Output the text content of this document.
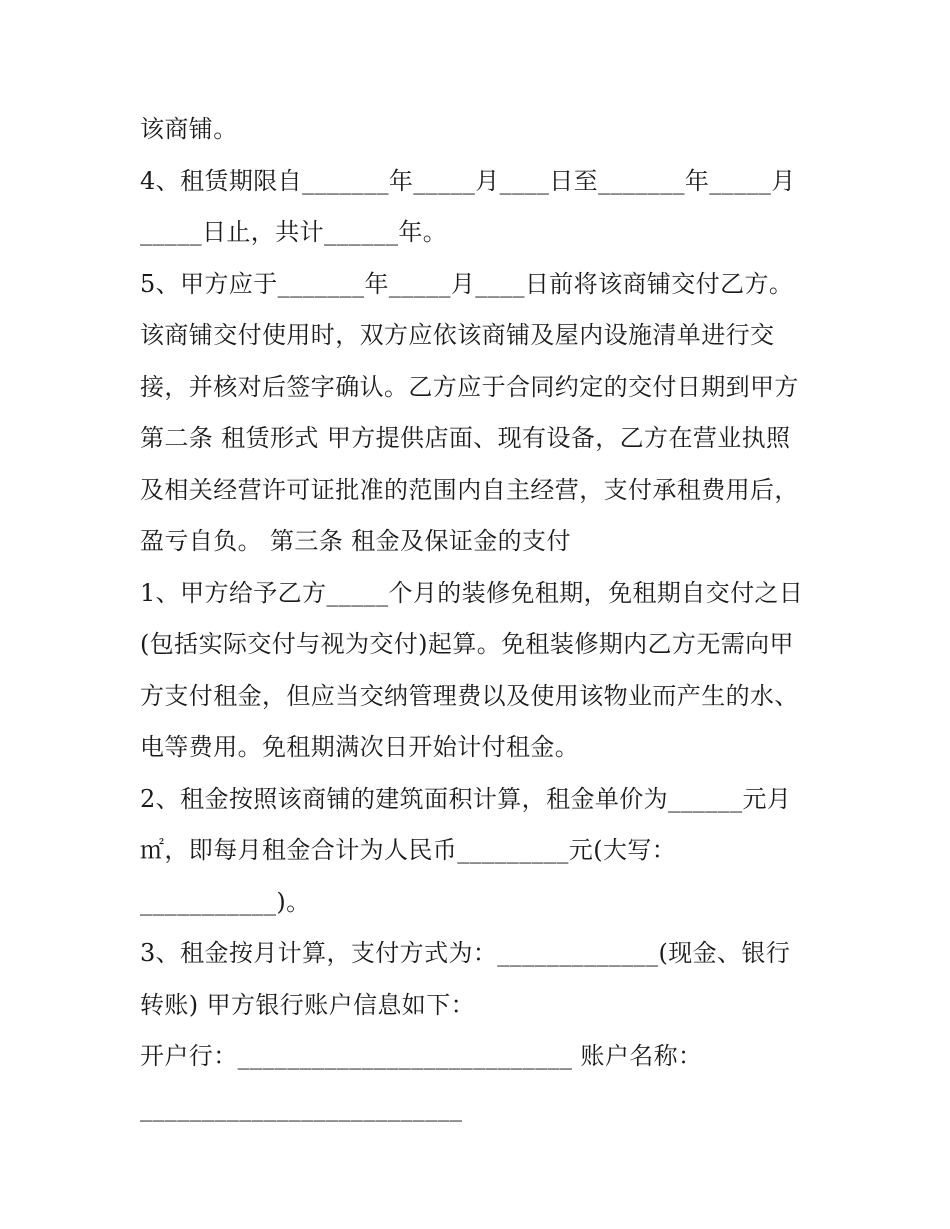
该商铺。
4、租赁期限自_______年_____月____日至_______年_____月
_____日止，共计______年。
5、甲方应于_______年_____月____日前将该商铺交付乙方。
该商铺交付使用时，双方应依该商铺及屋内设施清单进行交
接，并核对后签字确认。乙方应于合同约定的交付日期到甲方
第二条 租赁形式 甲方提供店面、现有设备，乙方在营业执照
及相关经营许可证批准的范围内自主经营，支付承租费用后，
盈亏自负。 第三条 租金及保证金的支付
1、甲方给予乙方_____个月的装修免租期，免租期自交付之日
(包括实际交付与视为交付)起算。免租装修期内乙方无需向甲
方支付租金，但应当交纳管理费以及使用该物业而产生的水、
电等费用。免租期满次日开始计付租金。
2、租金按照该商铺的建筑面积计算，租金单价为______元月
㎡，即每月租金合计为人民币_________元(大写：
___________)。
3、租金按月计算，支付方式为：_____________(现金、银行
转账) 甲方银行账户信息如下：
开户行：___________________________ 账户名称：
__________________________
